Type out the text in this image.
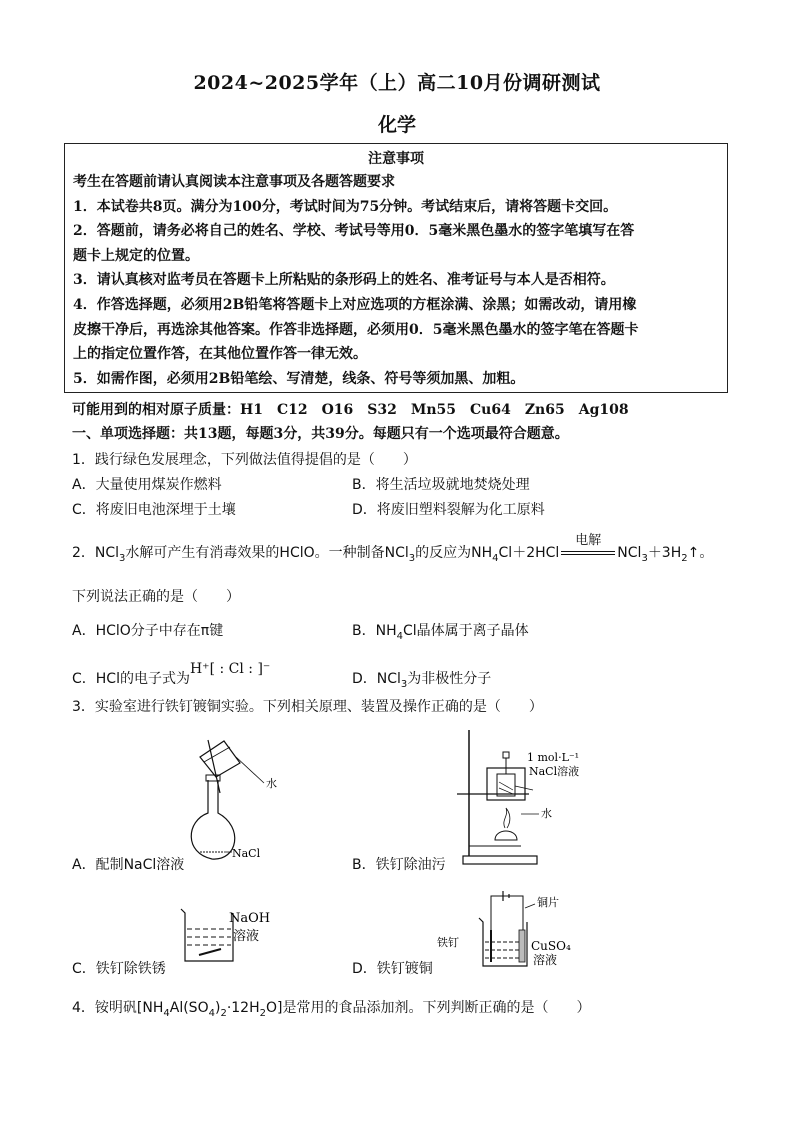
2024~2025学年（上）高二10月份调研测试
化学
注意事项
考生在答题前请认真阅读本注意事项及各题答题要求
1．本试卷共8页。满分为100分，考试时间为75分钟。考试结束后，请将答题卡交回。
2．答题前，请务必将自己的姓名、学校、考试号等用0．5毫米黑色墨水的签字笔填写在答
题卡上规定的位置。
3．请认真核对监考员在答题卡上所粘贴的条形码上的姓名、准考证号与本人是否相符。
4．作答选择题，必须用2B铅笔将答题卡上对应选项的方框涂满、涂黑；如需改动，请用橡
皮擦干净后，再选涂其他答案。作答非选择题，必须用0．5毫米黑色墨水的签字笔在答题卡
上的指定位置作答，在其他位置作答一律无效。
5．如需作图，必须用2B铅笔绘、写清楚，线条、符号等须加黑、加粗。
可能用到的相对原子质量：H1　C12　O16　S32　Mn55　Cu64　Zn65　Ag108
一、单项选择题：共13题，每题3分，共39分。每题只有一个选项最符合题意。
1．践行绿色发展理念，下列做法值得提倡的是（　　）
A．大量使用煤炭作燃料	B．将生活垃圾就地焚烧处理
C．将废旧电池深埋于土壤	D．将废旧塑料裂解为化工原料
2．NCl$_3$水解可产生有消毒效果的HClO。一种制备NCl$_3$的反应为$NH_4Cl+2HCl$
电解
$NCl_3+3H_2↑$。
下列说法正确的是（　　）
A．HClO分子中存在π键	B．$NH_4Cl$晶体属于离子晶体
C．HCl的电子式为H⁺[ : Cl : ]⁻
D．NCl$_3$为非极性分子
3．实验室进行铁钉镀铜实验。下列相关原理、装置及操作正确的是（　　）
水
NaCl
A．配制NaCl溶液
1 mol·L⁻¹
NaCl溶液
水
B．铁钉除油污
NaOH
溶液
C．铁钉除铁锈
铜片
铁钉	CuSO₄
溶液
D．铁钉镀铜
4．铵明矾$[NH_4Al(SO_4)_2\cdot 12H_2O]$是常用的食品添加剂。下列判断正确的是（　　）
